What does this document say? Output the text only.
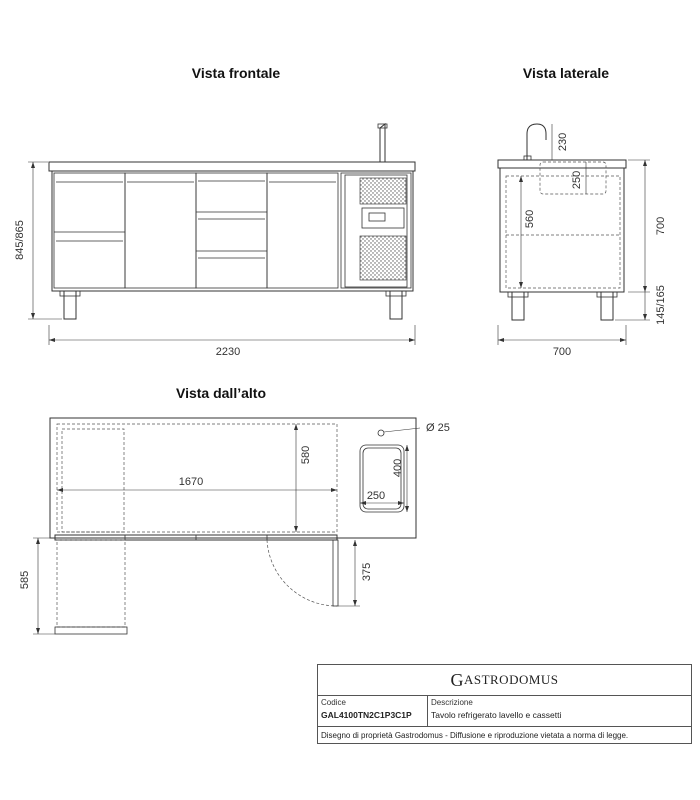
Vista frontale
845/865
2230
Vista laterale
230
250
560	700
145/165
700
Vista dall’alto
Ø 25
580
1670
400
250
375
585
G ASTRODOMUS
Codice
GAL4100TN2C1P3C1P
Descrizione
Tavolo refrigerato lavello e cassetti
Disegno di proprietà Gastrodomus - Diffusione e riproduzione vietata a norma di legge.
